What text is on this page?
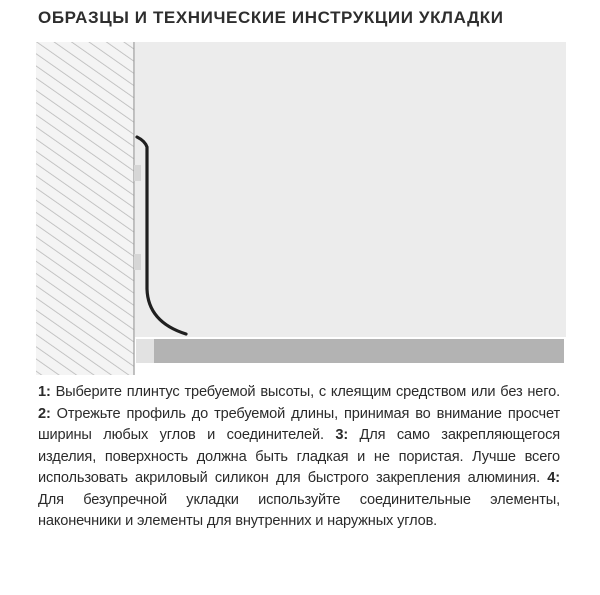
ОБРАЗЦЫ И ТЕХНИЧЕСКИЕ ИНСТРУКЦИИ УКЛАДКИ
1: Выберите плинтус требуемой высоты, с клеящим средством или без него. 2: Отрежьте профиль до требуемой длины, принимая во внимание просчет ширины любых углов и соединителей. 3: Для само закрепляющегося изделия, поверхность должна быть гладкая и не пористая. Лучше всего использовать акриловый силикон для быстрого закрепления алюминия. 4: Для безупречной укладки используйте соединительные элементы, наконечники и элементы для внутренних и наружных углов.
